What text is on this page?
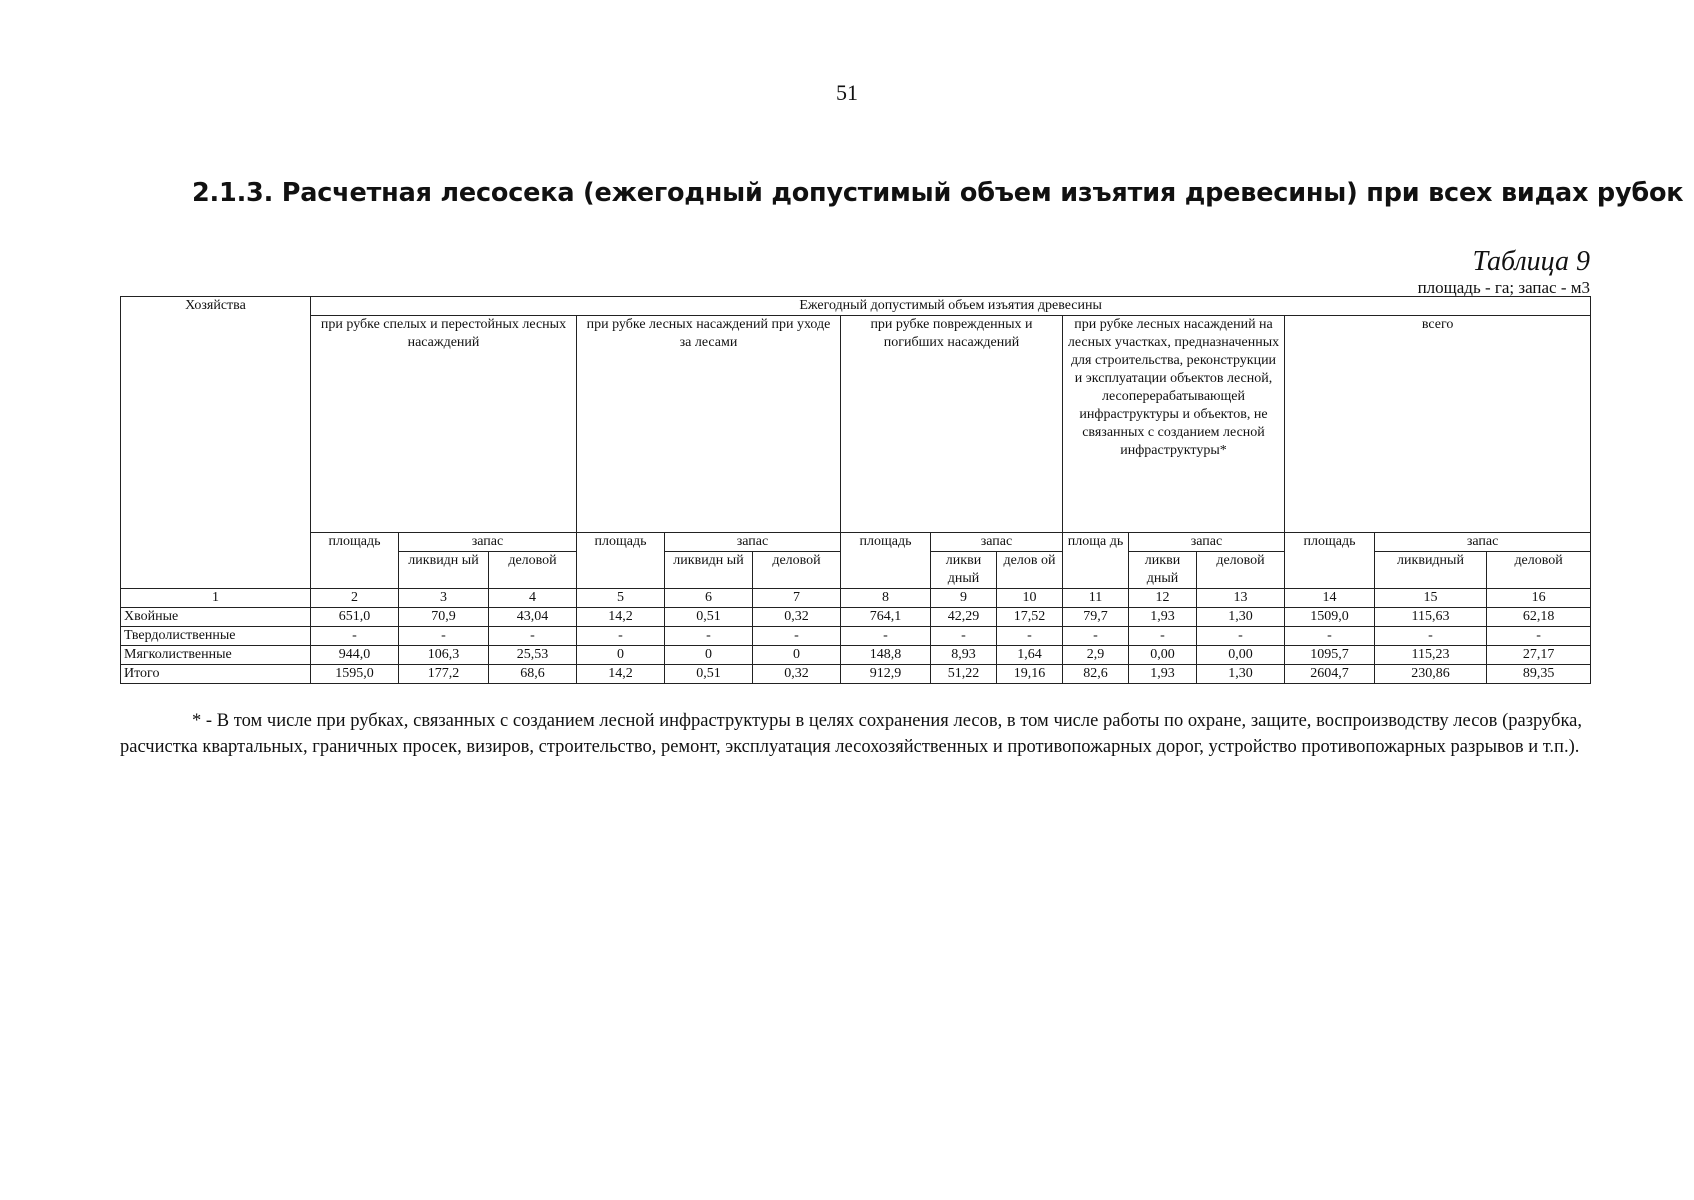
51
2.1.3. Расчетная лесосека (ежегодный допустимый объем изъятия древесины) при всех видах рубок
Таблица 9
площадь - га; запас - м3
Хозяйства	Ежегодный допустимый объем изъятия древесины														
	при рубке спелых и перестойных лесных насаждений			при рубке лесных насаждений при уходе за лесами			при рубке поврежденных и погибших насаждений			при рубке лесных насаждений на лесных участках, предназначенных для строительства, реконструкции и эксплуатации объектов лесной, лесоперерабатывающей инфраструктуры и объектов, не связанных с созданием лесной инфраструктуры*			всего		
	площадь	запас		площадь	запас		площадь	запас		площа дь	запас		площадь	запас	
		ликвидн ый	деловой		ликвидн ый	деловой		ликви дный	делов ой		ликви дный	деловой		ликвидный	деловой
1	2	3	4	5	6	7	8	9	10	11	12	13	14	15	16
Хвойные	651,0	70,9	43,04	14,2	0,51	0,32	764,1	42,29	17,52	79,7	1,93	1,30	1509,0	115,63	62,18
Твердолиственные	-	-	-	-	-	-	-	-	-	-	-	-	-	-	-
Мягколиственные	944,0	106,3	25,53	0	0	0	148,8	8,93	1,64	2,9	0,00	0,00	1095,7	115,23	27,17
Итого	1595,0	177,2	68,6	14,2	0,51	0,32	912,9	51,22	19,16	82,6	1,93	1,30	2604,7	230,86	89,35
* - В том числе при рубках, связанных с созданием лесной инфраструктуры в целях сохранения лесов, в том числе работы по охране, защите, воспроизводству лесов (разрубка, расчистка квартальных, граничных просек, визиров, строительство, ремонт, эксплуатация лесохозяйственных и противопожарных дорог, устройство противопожарных разрывов и т.п.).
